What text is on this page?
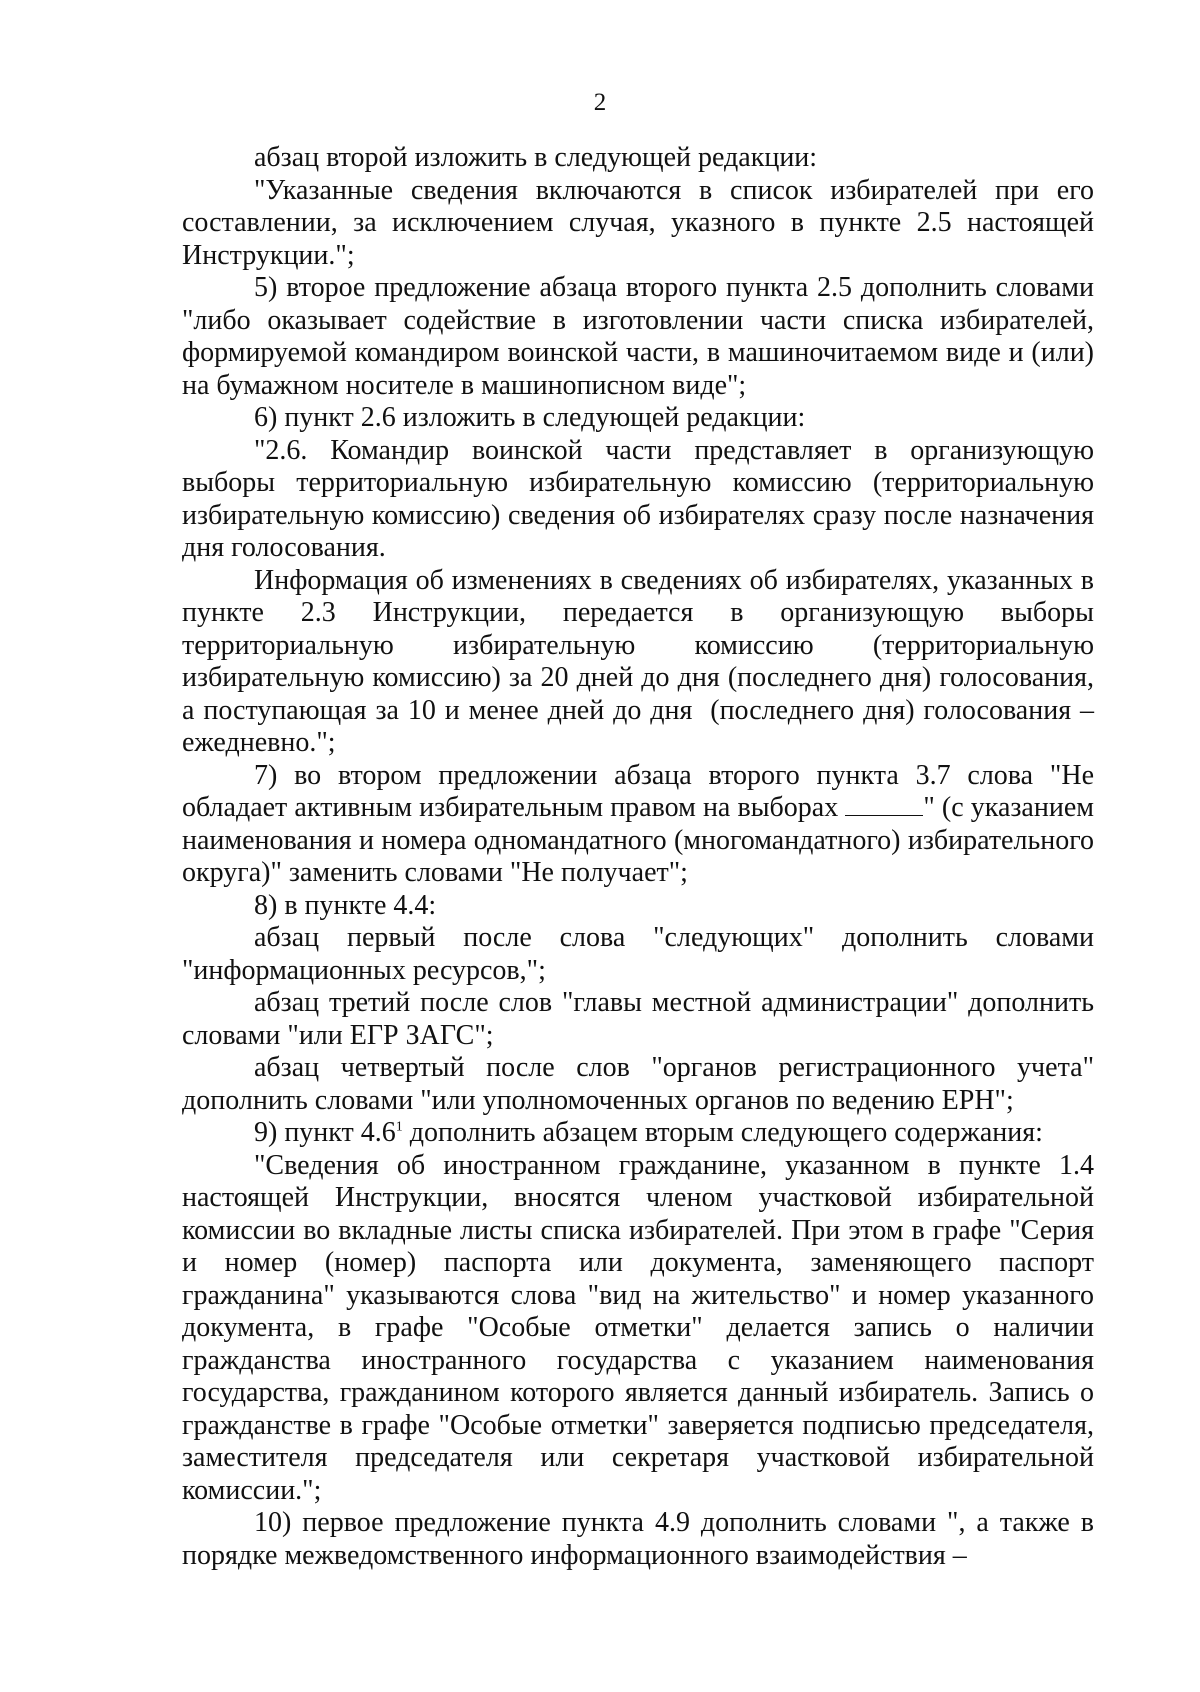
2

абзац второй изложить в следующей редакции:

"Указанные сведения включаются в список избирателей при его составлении, за исключением случая, указного в пункте 2.5 настоящей Инструкции.";

5) второе предложение абзаца второго пункта 2.5 дополнить словами "либо оказывает содействие в изготовлении части списка избирателей, формируемой командиром воинской части, в машиночитаемом виде и (или) на бумажном носителе в машинописном виде";

6) пункт 2.6 изложить в следующей редакции:

"2.6. Командир воинской части представляет в организующую выборы территориальную избирательную комиссию (территориальную избирательную комиссию) сведения об избирателях сразу после назначения дня голосования.

Информация об изменениях в сведениях об избирателях, указанных в пункте 2.3 Инструкции, передается в организующую выборы территориальную избирательную комиссию (территориальную избирательную комиссию) за 20 дней до дня (последнего дня) голосования, а поступающая за 10 и менее дней до дня  (последнего дня) голосования – ежедневно.";

7) во втором предложении абзаца второго пункта 3.7 слова "Не обладает активным избирательным правом на выборах	" (с указанием наименования и номера одномандатного (многомандатного) избирательного округа)" заменить словами "Не получает";

8) в пункте 4.4:

абзац первый после слова "следующих" дополнить словами "информационных ресурсов,";

абзац третий после слов "главы местной администрации" дополнить словами "или ЕГР ЗАГС";

абзац четвертый после слов "органов регистрационного учета" дополнить словами "или уполномоченных органов по ведению ЕРН";

9) пункт $4.6^1$ дополнить абзацем вторым следующего содержания:

"Сведения об иностранном гражданине, указанном в пункте 1.4 настоящей Инструкции, вносятся членом участковой избирательной комиссии во вкладные листы списка избирателей. При этом в графе "Серия и номер (номер) паспорта или документа, заменяющего паспорт гражданина" указываются слова "вид на жительство" и номер указанного документа, в графе "Особые отметки" делается запись о наличии гражданства иностранного государства с указанием наименования государства, гражданином которого является данный избиратель. Запись о гражданстве в графе "Особые отметки" заверяется подписью председателя, заместителя председателя или секретаря участковой избирательной комиссии.";

10) первое предложение пункта 4.9 дополнить словами ", а также в порядке межведомственного информационного взаимодействия –
